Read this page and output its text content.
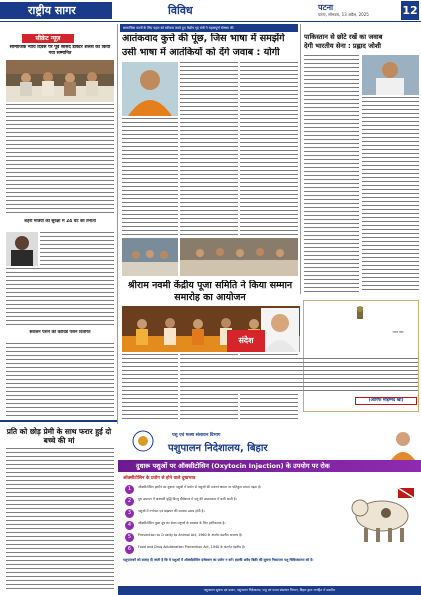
राष्ट्रीय सागर	विविध	पटना
पटना, सोमवार, 13 अप्रैल, 2025	12
सामाजिक कार्यों के लिए पहल को स्वीकार करते हुए केंद्रीय गृह मंत्री ने महत्वपूर्ण घोषणा की
सीक्रेट न्यूज़
सामाजिक न्याय दिवस पर पूर्व सांसद डॉक्टर शैलेश को किया गया सम्मानित
शहरी मंत्रियों की सुरक्षा में 24 घंटे की तैनाती
सर्वजन पेंशन की कोविड पेंशन वितरित
प्रति को छोड़ प्रेमी के साथ फरार हुई दो बच्चे की मां
आतंकवाद कुत्ते की पूंछ, जिस भाषा में समझेंगे
उसी भाषा में आतंकियों को देंगे जवाब : योगी
श्रीराम नवमी केंद्रीय पूजा समिति ने किया सम्मान समारोह का आयोजन
पाकिस्तान से छोटे रखें का जवाब
देगी भारतीय सेना : प्रह्लाद जोशी
संदेश
राज्य पाल
(आरिफ मोहम्मद खां)
पशु एवं मत्स्य संसाधन विभाग
पशुपालन निदेशालय, बिहार
दुधारू पशुओं पर ऑक्सीटोसिन (Oxytocin Injection) के उपयोग पर रोक
ऑक्सीटोसिन के प्रयोग से होने वाले दुष्प्रभाव
1	ऑक्सीटोसिन हार्मोन का दुधारू पशुओं में प्रयोग से पशुओं की प्रजनन क्षमता पर प्रतिकूल प्रभाव पड़ता है।
2	दूध उत्पादन में अस्थायी वृद्धि किन्तु दीर्घकाल में पशु की उत्पादकता में कमी आती है।
3	पशुओं में गर्भपात एवं बांझपन की समस्या उत्पन्न होती है।
4	ऑक्सीटोसिन युक्त दूध का सेवन मनुष्यों के स्वास्थ्य के लिए हानिकारक है।
5	Prevention to Cruelty to Animal Act, 1960 के अंतर्गत दंडनीय अपराध है।
6	Food and Drug Adulteration Prevention Act, 1940 के अंतर्गत दंडनीय है।
पशुपालकों को सलाह दी जाती है कि वे पशुओं में ऑक्सीटोसिन इंजेक्शन का प्रयोग न करें। इसकी अवैध बिक्री की सूचना निकटतम पशु चिकित्सालय को दें।
पशुपालन सूचना एवं प्रसार, पशुपालन निदेशालय, पशु एवं मत्स्य संसाधन विभाग, बिहार द्वारा जनहित में प्रसारित
